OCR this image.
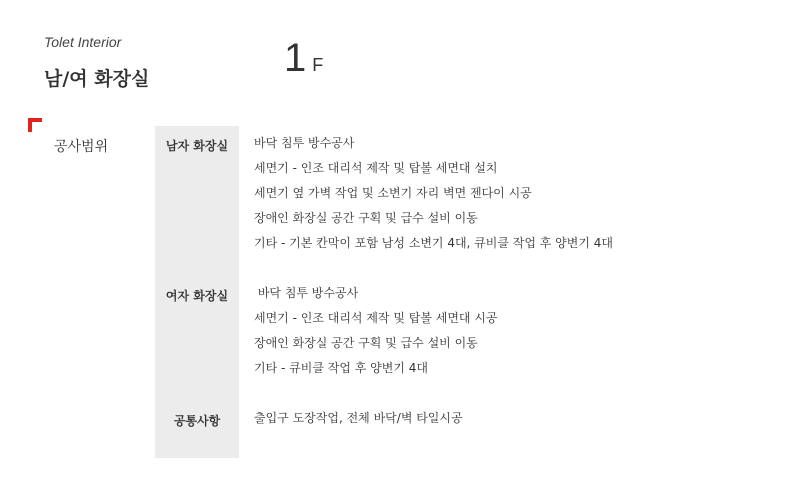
Tolet Interior
남/여 화장실	1 F
공사범위	남자 화장실	바닥 침투 방수공사
세면기 - 인조 대리석 제작 및 탑볼 세면대 설치
세면기 옆 가벽 작업 및 소변기 자리 벽면 젠다이 시공
장애인 화장실 공간 구획 및 급수 설비 이동
기타 - 기본 칸막이 포함 남성 소변기 4대, 큐비클 작업 후 양변기 4대
여자 화장실	바닥 침투 방수공사
세면기 - 인조 대리석 제작 및 탑볼 세면대 시공
장애인 화장실 공간 구획 및 급수 설비 이동
기타 - 큐비클 작업 후 양변기 4대
공통사항	출입구 도장작업, 전체 바닥/벽 타일시공
